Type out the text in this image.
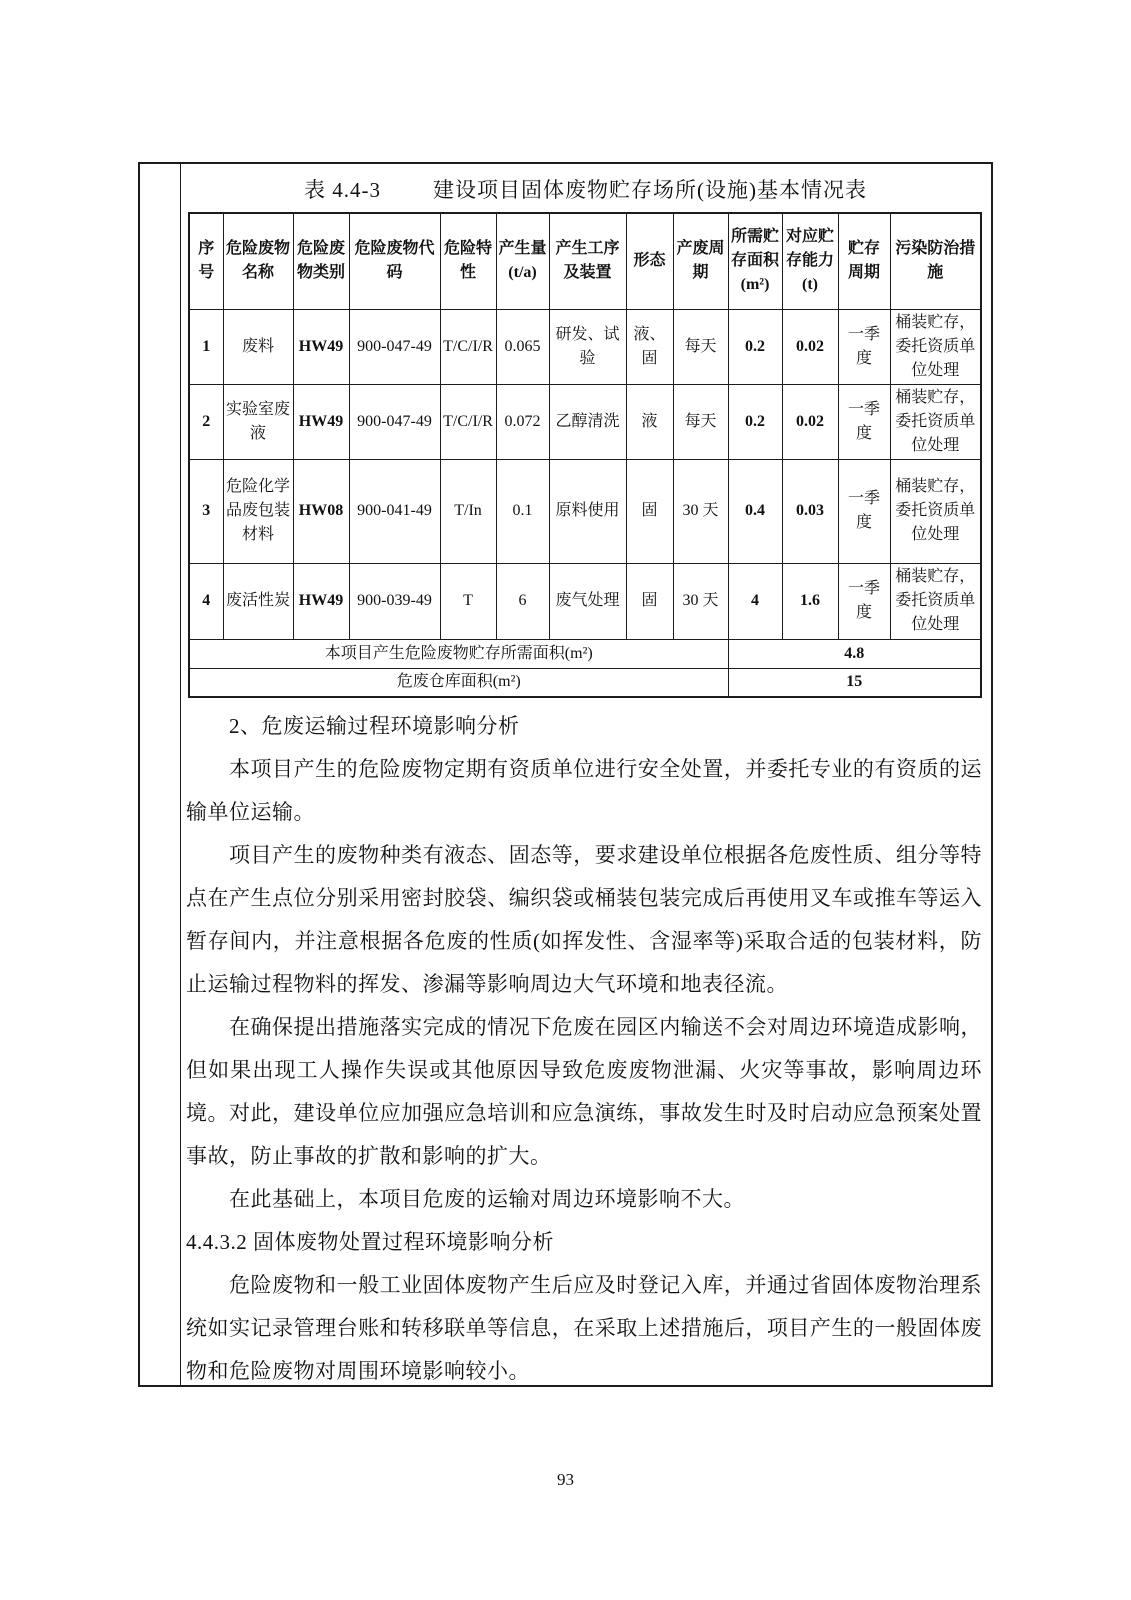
表 4.4-3 建设项目固体废物贮存场所(设施)基本情况表
序号	危险废物名称	危险废物类别	危险废物代码	危险特性	产生量(t/a)	产生工序及装置	形态	产废周期	所需贮存面积(m²)	对应贮存能力(t)	贮存周期	污染防治措施
1	废料	HW49	900-047-49	T/C/I/R	0.065	研发、试验	液、固	每天	0.2	0.02	一季度	桶装贮存，委托资质单位处理
2	实验室废液	HW49	900-047-49	T/C/I/R	0.072	乙醇清洗	液	每天	0.2	0.02	一季度	桶装贮存，委托资质单位处理
3	危险化学品废包装材料	HW08	900-041-49	T/In	0.1	原料使用	固	30 天	0.4	0.03	一季度	桶装贮存，委托资质单位处理
4	废活性炭	HW49	900-039-49	T	6	废气处理	固	30 天	4	1.6	一季度	桶装贮存，委托资质单位处理
本项目产生危险废物贮存所需面积(m²)									4.8			
危废仓库面积(m²)									15			

2、危废运输过程环境影响分析

本项目产生的危险废物定期有资质单位进行安全处置，并委托专业的有资质的运输单位运输。

项目产生的废物种类有液态、固态等，要求建设单位根据各危废性质、组分等特点在产生点位分别采用密封胶袋、编织袋或桶装包装完成后再使用叉车或推车等运入暂存间内，并注意根据各危废的性质(如挥发性、含湿率等)采取合适的包装材料，防止运输过程物料的挥发、渗漏等影响周边大气环境和地表径流。

在确保提出措施落实完成的情况下危废在园区内输送不会对周边环境造成影响，但如果出现工人操作失误或其他原因导致危废废物泄漏、火灾等事故，影响周边环境。对此，建设单位应加强应急培训和应急演练，事故发生时及时启动应急预案处置事故，防止事故的扩散和影响的扩大。

在此基础上，本项目危废的运输对周边环境影响不大。

4.4.3.2 固体废物处置过程环境影响分析

危险废物和一般工业固体废物产生后应及时登记入库，并通过省固体废物治理系统如实记录管理台账和转移联单等信息，在采取上述措施后，项目产生的一般固体废物和危险废物对周围环境影响较小。

93
